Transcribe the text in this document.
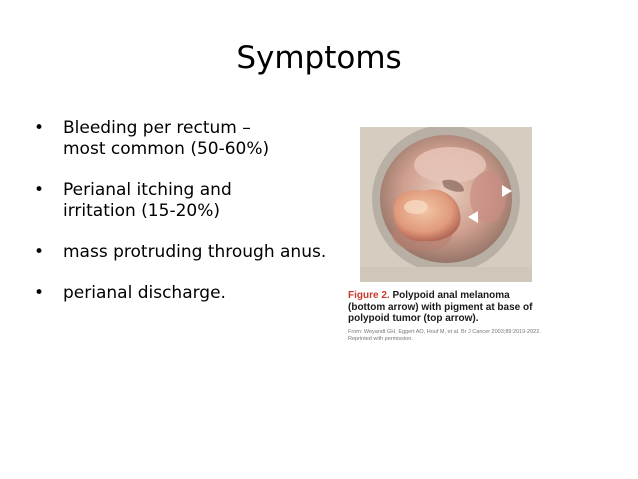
Symptoms
• Bleeding per rectum – most common (50-60%)
• Perianal itching and irritation (15-20%)
• mass protruding through anus.
• perianal discharge.	Figure 2. Polypoid anal melanoma (bottom arrow) with pigment at base of polypoid tumor (top arrow).

From: Weyandt GH, Eggert AO, Houf M, et al. Br J Cancer 2003;89:2019-2022. Reprinted with permission.
